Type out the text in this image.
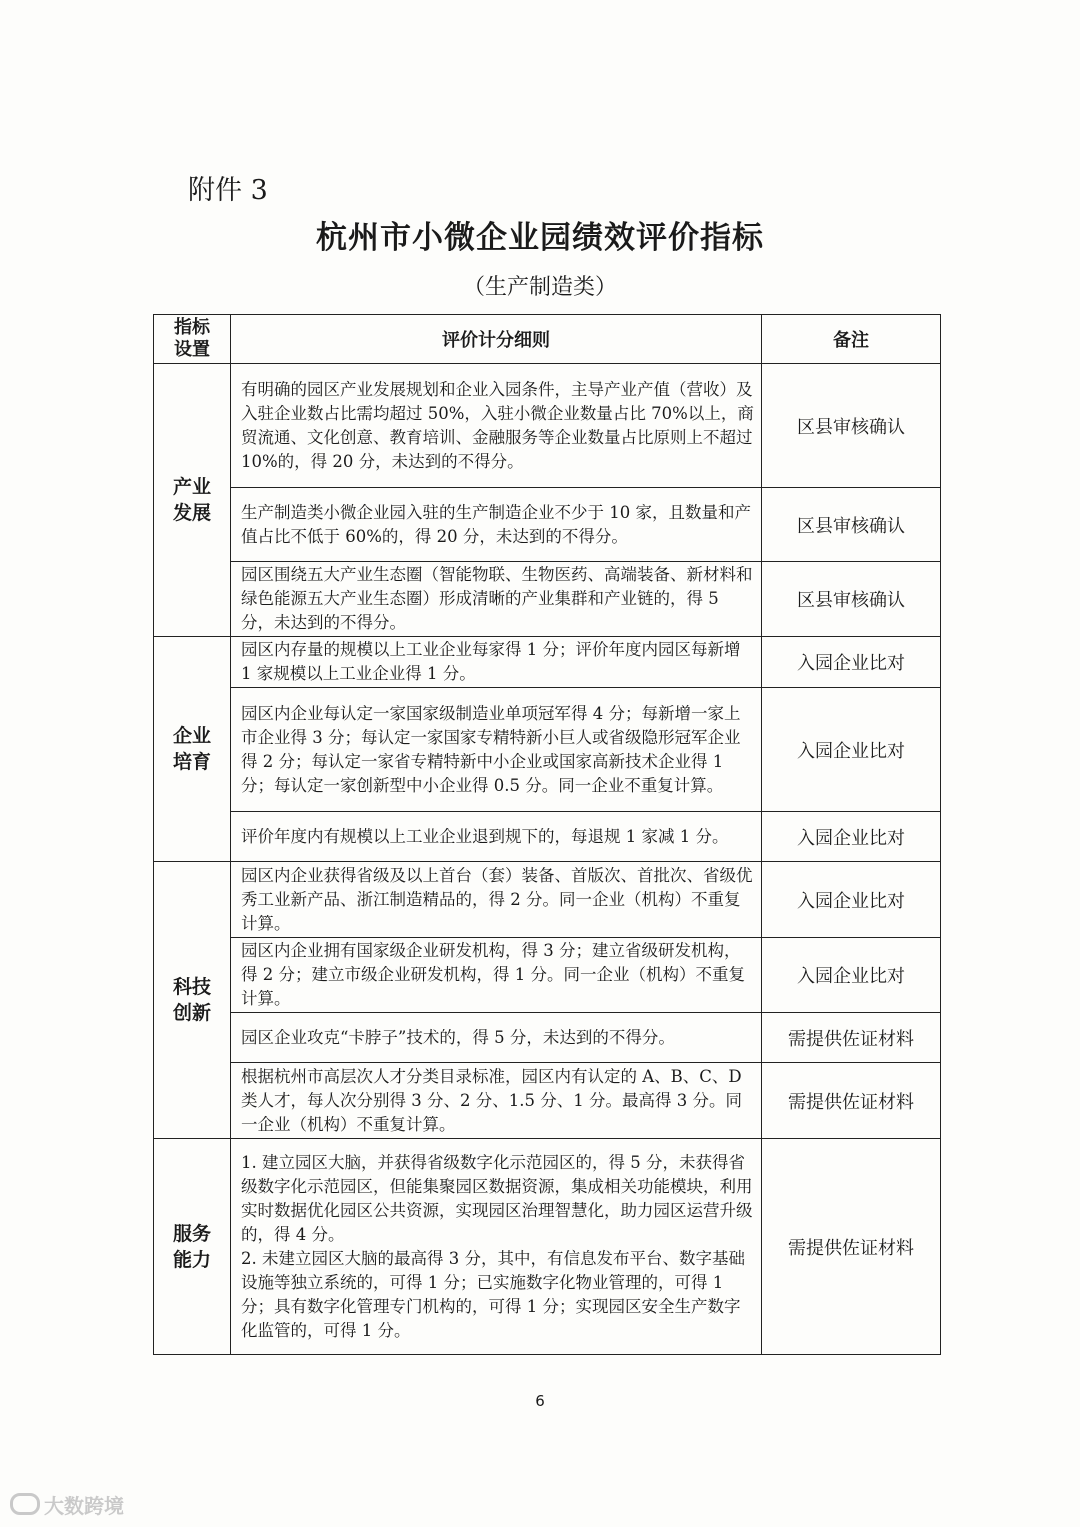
附件 3
杭州市小微企业园绩效评价指标
（生产制造类）
指标设置	评价计分细则	备注
产业发展	有明确的园区产业发展规划和企业入园条件，主导产业产值（营收）及入驻企业数占比需均超过 50%，入驻小微企业数量占比 70%以上，商贸流通、文化创意、教育培训、金融服务等企业数量占比原则上不超过 10%的，得 20 分，未达到的不得分。	区县审核确认
	生产制造类小微企业园入驻的生产制造企业不少于 10 家，且数量和产值占比不低于 60%的，得 20 分，未达到的不得分。	区县审核确认
	园区围绕五大产业生态圈（智能物联、生物医药、高端装备、新材料和绿色能源五大产业生态圈）形成清晰的产业集群和产业链的，得 5 分，未达到的不得分。	区县审核确认
企业培育	园区内存量的规模以上工业企业每家得 1 分；评价年度内园区每新增 1 家规模以上工业企业得 1 分。	入园企业比对
	园区内企业每认定一家国家级制造业单项冠军得 4 分；每新增一家上市企业得 3 分；每认定一家国家专精特新小巨人或省级隐形冠军企业得 2 分；每认定一家省专精特新中小企业或国家高新技术企业得 1 分；每认定一家创新型中小企业得 0.5 分。同一企业不重复计算。	入园企业比对
	评价年度内有规模以上工业企业退到规下的，每退规 1 家减 1 分。	入园企业比对
科技创新	园区内企业获得省级及以上首台（套）装备、首版次、首批次、省级优秀工业新产品、浙江制造精品的，得 2 分。同一企业（机构）不重复计算。	入园企业比对
	园区内企业拥有国家级企业研发机构，得 3 分；建立省级研发机构，得 2 分；建立市级企业研发机构，得 1 分。同一企业（机构）不重复计算。	入园企业比对
	园区企业攻克“卡脖子”技术的，得 5 分，未达到的不得分。	需提供佐证材料
	根据杭州市高层次人才分类目录标准，园区内有认定的 A、B、C、D 类人才，每人次分别得 3 分、2 分、1.5 分、1 分。最高得 3 分。同一企业（机构）不重复计算。	需提供佐证材料
服务能力	1. 建立园区大脑，并获得省级数字化示范园区的，得 5 分，未获得省级数字化示范园区，但能集聚园区数据资源，集成相关功能模块，利用实时数据优化园区公共资源，实现园区治理智慧化，助力园区运营升级的，得 4 分。
2. 未建立园区大脑的最高得 3 分，其中，有信息发布平台、数字基础设施等独立系统的，可得 1 分；已实施数字化物业管理的，可得 1 分；具有数字化管理专门机构的，可得 1 分；实现园区安全生产数字化监管的，可得 1 分。	需提供佐证材料
6
大数跨境
